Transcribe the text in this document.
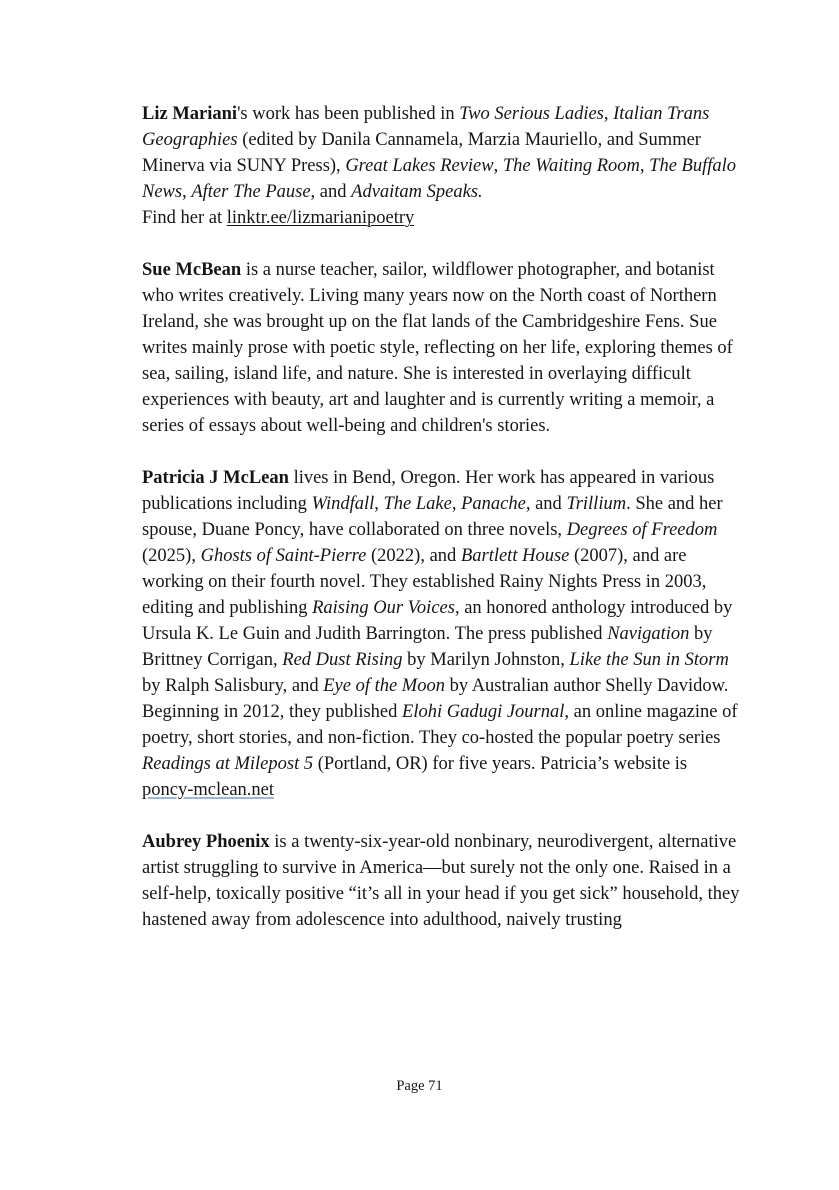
Liz Mariani's work has been published in Two Serious Ladies, Italian Trans Geographies (edited by Danila Cannamela, Marzia Mauriello, and Summer Minerva via SUNY Press), Great Lakes Review, The Waiting Room, The Buffalo News, After The Pause, and Advaitam Speaks.
Find her at linktr.ee/lizmarianipoetry

Sue McBean is a nurse teacher, sailor, wildflower photographer, and botanist who writes creatively. Living many years now on the North coast of Northern Ireland, she was brought up on the flat lands of the Cambridgeshire Fens. Sue writes mainly prose with poetic style, reflecting on her life, exploring themes of sea, sailing, island life, and nature. She is interested in overlaying difficult experiences with beauty, art and laughter and is currently writing a memoir, a series of essays about well-being and children's stories.

Patricia J McLean lives in Bend, Oregon. Her work has appeared in various publications including Windfall, The Lake, Panache, and Trillium. She and her spouse, Duane Poncy, have collaborated on three novels, Degrees of Freedom (2025), Ghosts of Saint-Pierre (2022), and Bartlett House (2007), and are working on their fourth novel. They established Rainy Nights Press in 2003, editing and publishing Raising Our Voices, an honored anthology introduced by Ursula K. Le Guin and Judith Barrington. The press published Navigation by Brittney Corrigan, Red Dust Rising by Marilyn Johnston, Like the Sun in Storm by Ralph Salisbury, and Eye of the Moon by Australian author Shelly Davidow. Beginning in 2012, they published Elohi Gadugi Journal, an online magazine of poetry, short stories, and non-fiction. They co-hosted the popular poetry series Readings at Milepost 5 (Portland, OR) for five years. Patricia’s website is poncy-mclean.net

Aubrey Phoenix is a twenty-six-year-old nonbinary, neurodivergent, alternative artist struggling to survive in America—but surely not the only one. Raised in a self-help, toxically positive “it’s all in your head if you get sick” household, they hastened away from adolescence into adulthood, naively trusting

Page 71
